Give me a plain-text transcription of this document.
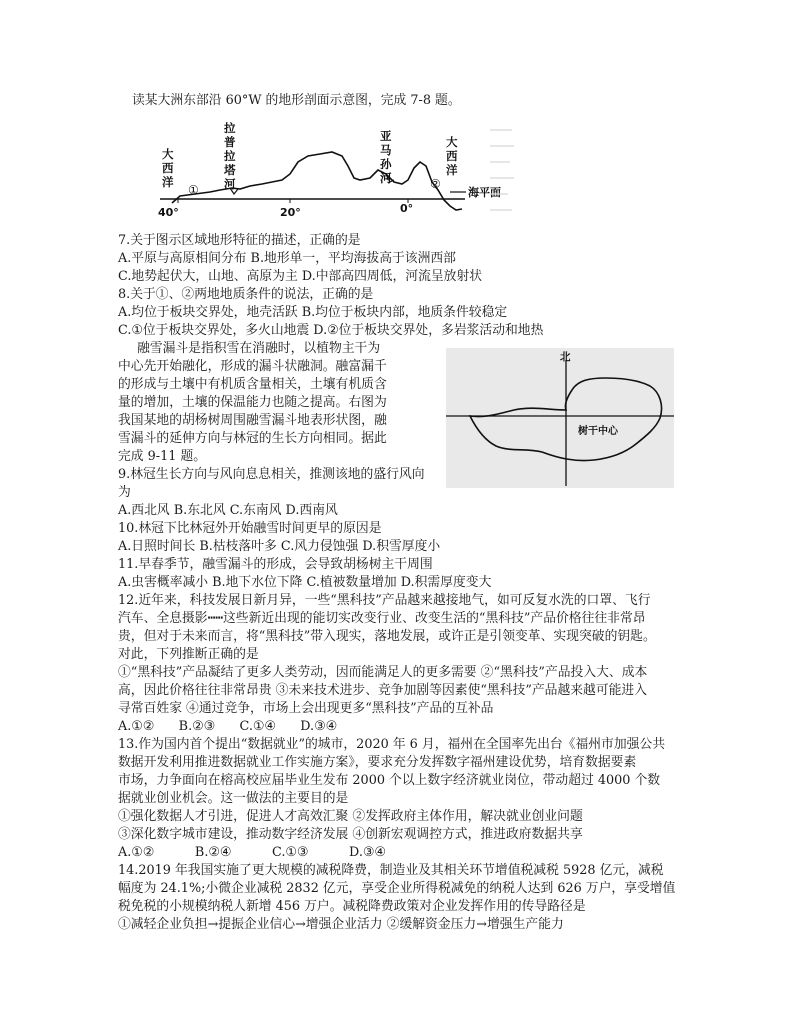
读某大洲东部沿 60°W 的地形剖面示意图，完成 7-8 题。
大
西
洋
拉
普
拉
塔
河
亚
马
孙
河
大
西
洋
海平面
①	②
40°	20°	0°
7.关于图示区域地形特征的描述，正确的是
A.平原与高原相间分布 B.地形单一，平均海拔高于该洲西部
C.地势起伏大，山地、高原为主 D.中部高四周低，河流呈放射状
8.关于①、②两地地质条件的说法，正确的是
A.均位于板块交界处，地壳活跃 B.均位于板块内部，地质条件较稳定
C.①位于板块交界处，多火山地震 D.②位于板块交界处，多岩浆活动和地热
融雪漏斗是指积雪在消融时，以植物主干为
中心先开始融化，形成的漏斗状融洞。融富漏千
的形成与土壤中有机质含量相关，土壤有机质含
量的增加，土壤的保温能力也随之提高。右图为
我国某地的胡杨树周围融雪漏斗地表形状图，融
雪漏斗的延伸方向与林冠的生长方向相同。据此
完成 9-11 题。
北
树干中心
9.林冠生长方向与风向息息相关，推测该地的盛行风向
为
A.西北风 B.东北风 C.东南风 D.西南风
10.林冠下比林冠外开始融雪时间更早的原因是
A.日照时间长 B.枯枝落叶多 C.风力侵蚀强 D.积雪厚度小
11.早春季节，融雪漏斗的形成，会导致胡杨树主干周围
A.虫害概率减小 B.地下水位下降 C.植被数量增加 D.积需厚度变大
12.近年来，科技发展日新月异，一些“黑科技”产品越来越接地气，如可反复水洗的口罩、飞行
汽车、全息摄影┅┅这些新近出现的能切实改变行业、改变生活的“黑科技”产品价格往往非常昂
贵，但对于未来而言，将“黑科技”带入现实，落地发展，或许正是引领变革、实现突破的钥匙。
对此，下列推断正确的是
①“黑科技”产品凝结了更多人类劳动，因而能满足人的更多需要 ②“黑科技”产品投入大、成本
高，因此价格往往非常昂贵 ③未来技术进步、竞争加剧等因素使“黑科技”产品越来越可能进入
寻常百姓家 ④通过竞争，市场上会出现更多“黑科技”产品的互补品
A.①②      B.②③      C.①④      D.③④
13.作为国内首个提出“数据就业”的城市，2020 年 6 月，福州在全国率先出台《福州市加强公共
数据开发利用推进数据就业工作实施方案》，要求充分发挥数字福州建设优势，培育数据要素
市场，力争面向在榕高校应届毕业生发布 2000 个以上数字经济就业岗位，带动超过 4000 个数
据就业创业机会。这一做法的主要目的是
①强化数据人才引进，促进人才高效汇聚 ②发挥政府主体作用，解决就业创业问题
③深化数字城市建设，推动数字经济发展 ④创新宏观调控方式，推进政府数据共享
A.①②          B.②④          C.①③          D.③④
14.2019 年我国实施了更大规模的减税降费，制造业及其相关环节增值税减税 5928 亿元，减税
幅度为 24.1%;小微企业减税 2832 亿元，享受企业所得税减免的纳税人达到 626 万户，享受增值
税免税的小规模纳税人新增 456 万户。减税降费政策对企业发挥作用的传导路径是
①减轻企业负担→提振企业信心→增强企业活力 ②缓解资金压力→增强生产能力
